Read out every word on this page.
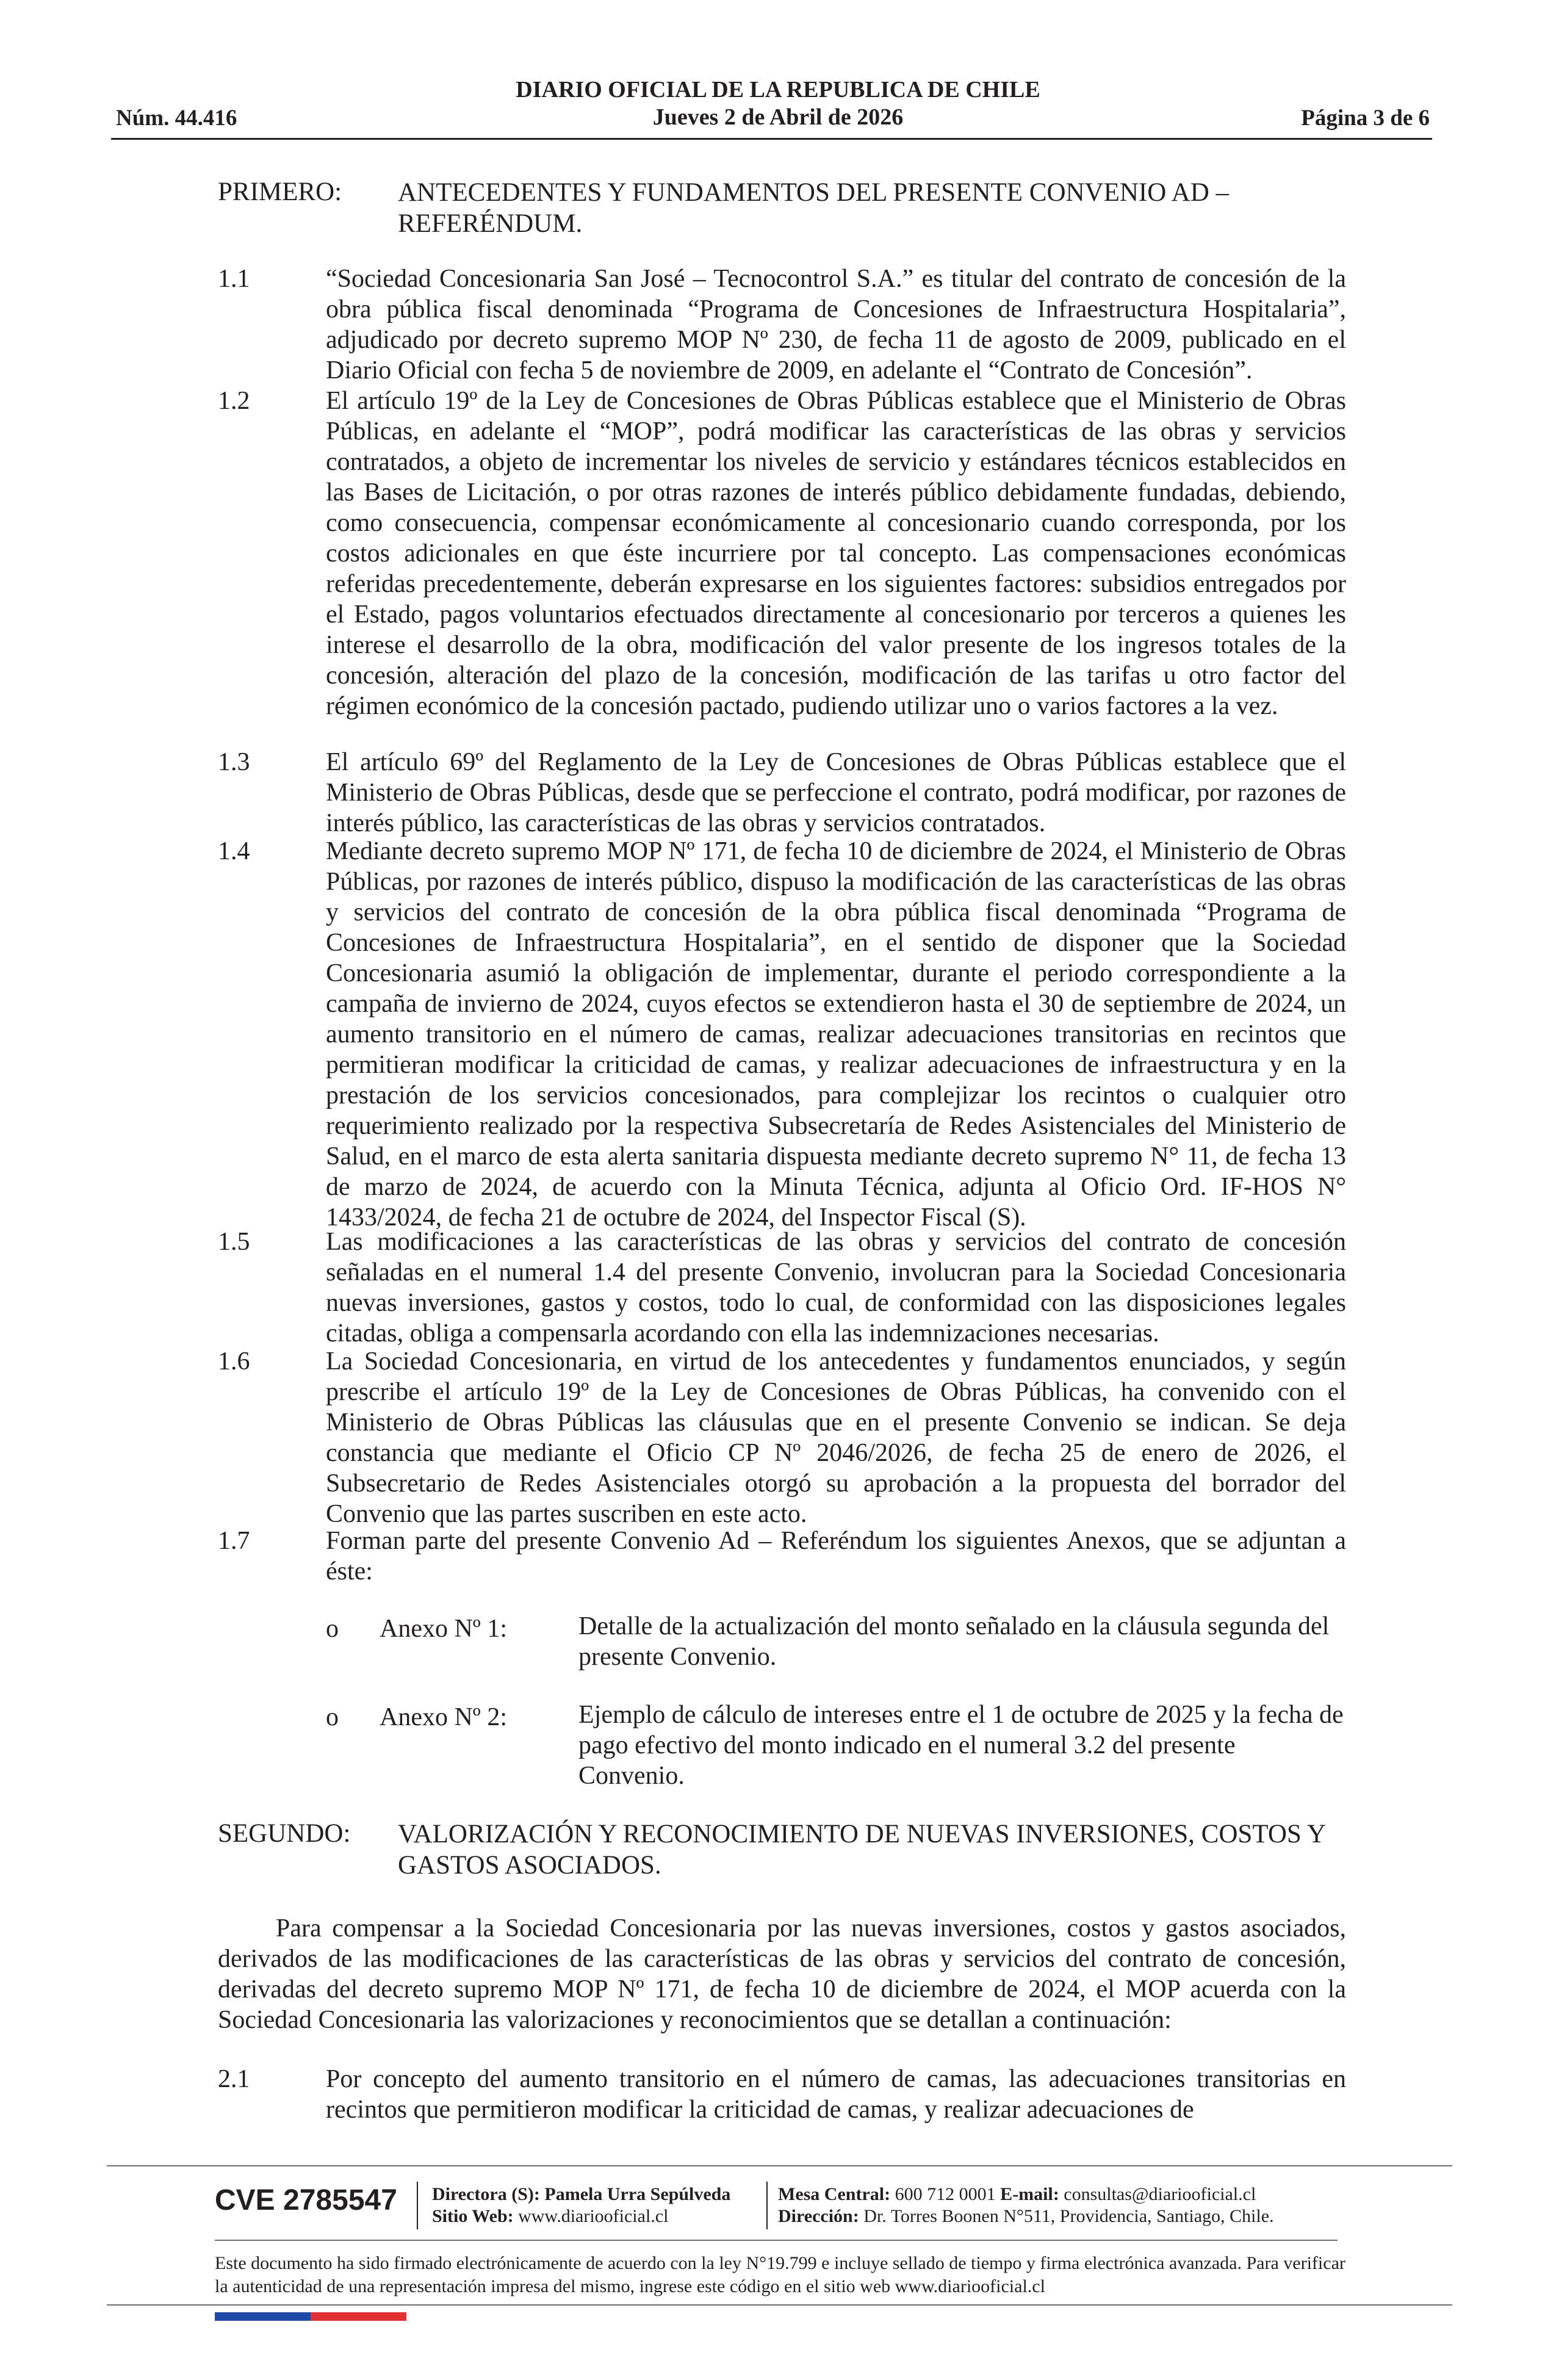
Núm. 44.416
DIARIO OFICIAL DE LA REPUBLICA DE CHILE
Jueves 2 de Abril de 2026	Página 3 de 6
PRIMERO: ANTECEDENTES Y FUNDAMENTOS DEL PRESENTE CONVENIO AD – REFERÉNDUM.
1.1	“Sociedad Concesionaria San José – Tecnocontrol S.A.” es titular del contrato de concesión de la obra pública fiscal denominada “Programa de Concesiones de Infraestructura Hospitalaria”, adjudicado por decreto supremo MOP Nº 230, de fecha 11 de agosto de 2009, publicado en el Diario Oficial con fecha 5 de noviembre de 2009, en adelante el “Contrato de Concesión”.
1.2	El artículo 19º de la Ley de Concesiones de Obras Públicas establece que el Ministerio de Obras Públicas, en adelante el “MOP”, podrá modificar las características de las obras y servicios contratados, a objeto de incrementar los niveles de servicio y estándares técnicos establecidos en las Bases de Licitación, o por otras razones de interés público debidamente fundadas, debiendo, como consecuencia, compensar económicamente al concesionario cuando corresponda, por los costos adicionales en que éste incurriere por tal concepto. Las compensaciones económicas referidas precedentemente, deberán expresarse en los siguientes factores: subsidios entregados por el Estado, pagos voluntarios efectuados directamente al concesionario por terceros a quienes les interese el desarrollo de la obra, modificación del valor presente de los ingresos totales de la concesión, alteración del plazo de la concesión, modificación de las tarifas u otro factor del régimen económico de la concesión pactado, pudiendo utilizar uno o varios factores a la vez.
1.3	El artículo 69º del Reglamento de la Ley de Concesiones de Obras Públicas establece que el Ministerio de Obras Públicas, desde que se perfeccione el contrato, podrá modificar, por razones de interés público, las características de las obras y servicios contratados.
1.4	Mediante decreto supremo MOP Nº 171, de fecha 10 de diciembre de 2024, el Ministerio de Obras Públicas, por razones de interés público, dispuso la modificación de las características de las obras y servicios del contrato de concesión de la obra pública fiscal denominada “Programa de Concesiones de Infraestructura Hospitalaria”, en el sentido de disponer que la Sociedad Concesionaria asumió la obligación de implementar, durante el periodo correspondiente a la campaña de invierno de 2024, cuyos efectos se extendieron hasta el 30 de septiembre de 2024, un aumento transitorio en el número de camas, realizar adecuaciones transitorias en recintos que permitieran modificar la criticidad de camas, y realizar adecuaciones de infraestructura y en la prestación de los servicios concesionados, para complejizar los recintos o cualquier otro requerimiento realizado por la respectiva Subsecretaría de Redes Asistenciales del Ministerio de Salud, en el marco de esta alerta sanitaria dispuesta mediante decreto supremo N° 11, de fecha 13 de marzo de 2024, de acuerdo con la Minuta Técnica, adjunta al Oficio Ord. IF-HOS N° 1433/2024, de fecha 21 de octubre de 2024, del Inspector Fiscal (S).
1.5	Las modificaciones a las características de las obras y servicios del contrato de concesión señaladas en el numeral 1.4 del presente Convenio, involucran para la Sociedad Concesionaria nuevas inversiones, gastos y costos, todo lo cual, de conformidad con las disposiciones legales citadas, obliga a compensarla acordando con ella las indemnizaciones necesarias.
1.6	La Sociedad Concesionaria, en virtud de los antecedentes y fundamentos enunciados, y según prescribe el artículo 19º de la Ley de Concesiones de Obras Públicas, ha convenido con el Ministerio de Obras Públicas las cláusulas que en el presente Convenio se indican. Se deja constancia que mediante el Oficio CP Nº 2046/2026, de fecha 25 de enero de 2026, el Subsecretario de Redes Asistenciales otorgó su aprobación a la propuesta del borrador del Convenio que las partes suscriben en este acto.
1.7	Forman parte del presente Convenio Ad – Referéndum los siguientes Anexos, que se adjuntan a éste:
o Anexo Nº 1:	Detalle de la actualización del monto señalado en la cláusula segunda del presente Convenio.
o Anexo Nº 2:	Ejemplo de cálculo de intereses entre el 1 de octubre de 2025 y la fecha de pago efectivo del monto indicado en el numeral 3.2 del presente Convenio.
SEGUNDO: VALORIZACIÓN Y RECONOCIMIENTO DE NUEVAS INVERSIONES, COSTOS Y GASTOS ASOCIADOS.
Para compensar a la Sociedad Concesionaria por las nuevas inversiones, costos y gastos asociados, derivados de las modificaciones de las características de las obras y servicios del contrato de concesión, derivadas del decreto supremo MOP Nº 171, de fecha 10 de diciembre de 2024, el MOP acuerda con la Sociedad Concesionaria las valorizaciones y reconocimientos que se detallan a continuación:
2.1	Por concepto del aumento transitorio en el número de camas, las adecuaciones transitorias en recintos que permitieron modificar la criticidad de camas, y realizar adecuaciones de
CVE 2785547 Directora (S): Pamela Urra Sepúlveda
Sitio Web: www.diariooficial.cl
Mesa Central: 600 712 0001 E-mail: consultas@diariooficial.cl
Dirección: Dr. Torres Boonen N°511, Providencia, Santiago, Chile.
Este documento ha sido firmado electrónicamente de acuerdo con la ley N°19.799 e incluye sellado de tiempo y firma electrónica avanzada. Para verificar la autenticidad de una representación impresa del mismo, ingrese este código en el sitio web www.diariooficial.cl
